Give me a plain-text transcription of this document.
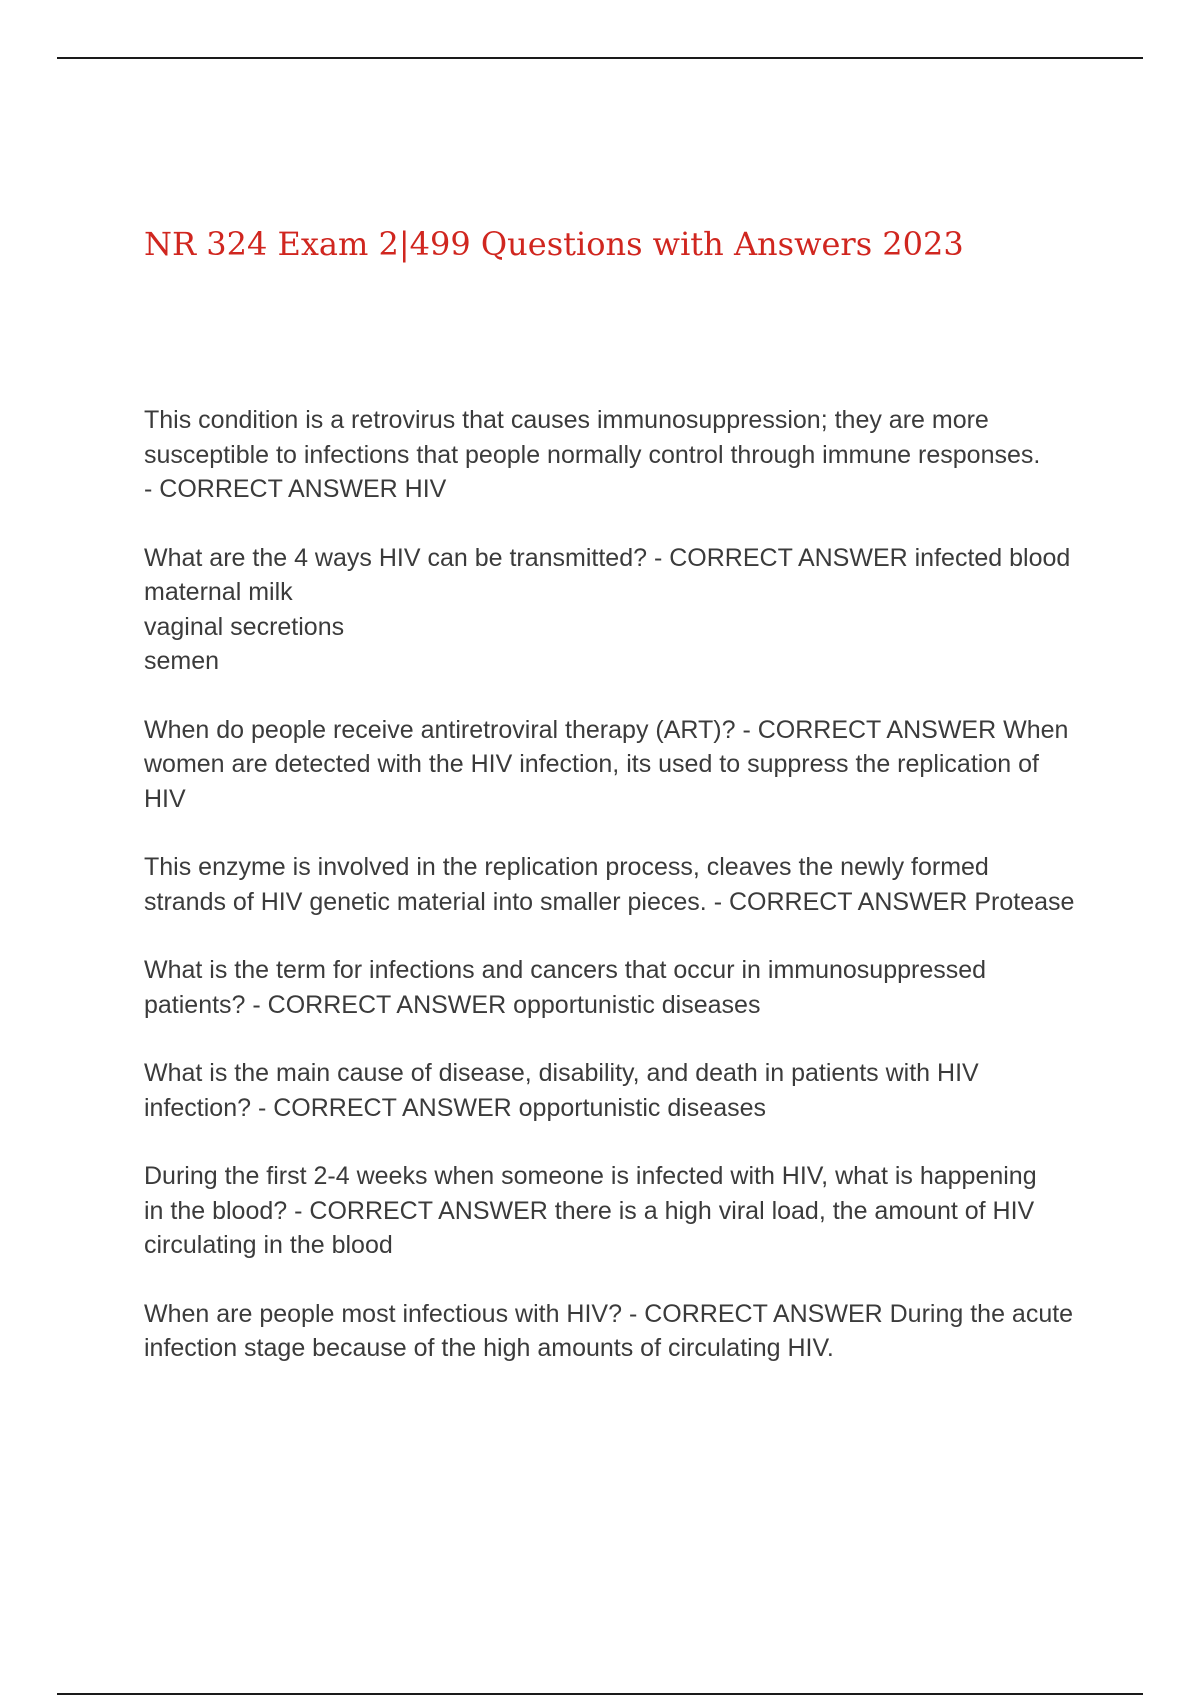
NR 324 Exam 2|499 Questions with Answers 2023
This condition is a retrovirus that causes immunosuppression; they are more
susceptible to infections that people normally control through immune responses.
- CORRECT ANSWER HIV
What are the 4 ways HIV can be transmitted? - CORRECT ANSWER infected blood
maternal milk
vaginal secretions
semen
When do people receive antiretroviral therapy (ART)? - CORRECT ANSWER When
women are detected with the HIV infection, its used to suppress the replication of
HIV
This enzyme is involved in the replication process, cleaves the newly formed
strands of HIV genetic material into smaller pieces. - CORRECT ANSWER Protease
What is the term for infections and cancers that occur in immunosuppressed
patients? - CORRECT ANSWER opportunistic diseases
What is the main cause of disease, disability, and death in patients with HIV
infection? - CORRECT ANSWER opportunistic diseases
During the first 2-4 weeks when someone is infected with HIV, what is happening
in the blood? - CORRECT ANSWER there is a high viral load, the amount of HIV
circulating in the blood
When are people most infectious with HIV? - CORRECT ANSWER During the acute
infection stage because of the high amounts of circulating HIV.
